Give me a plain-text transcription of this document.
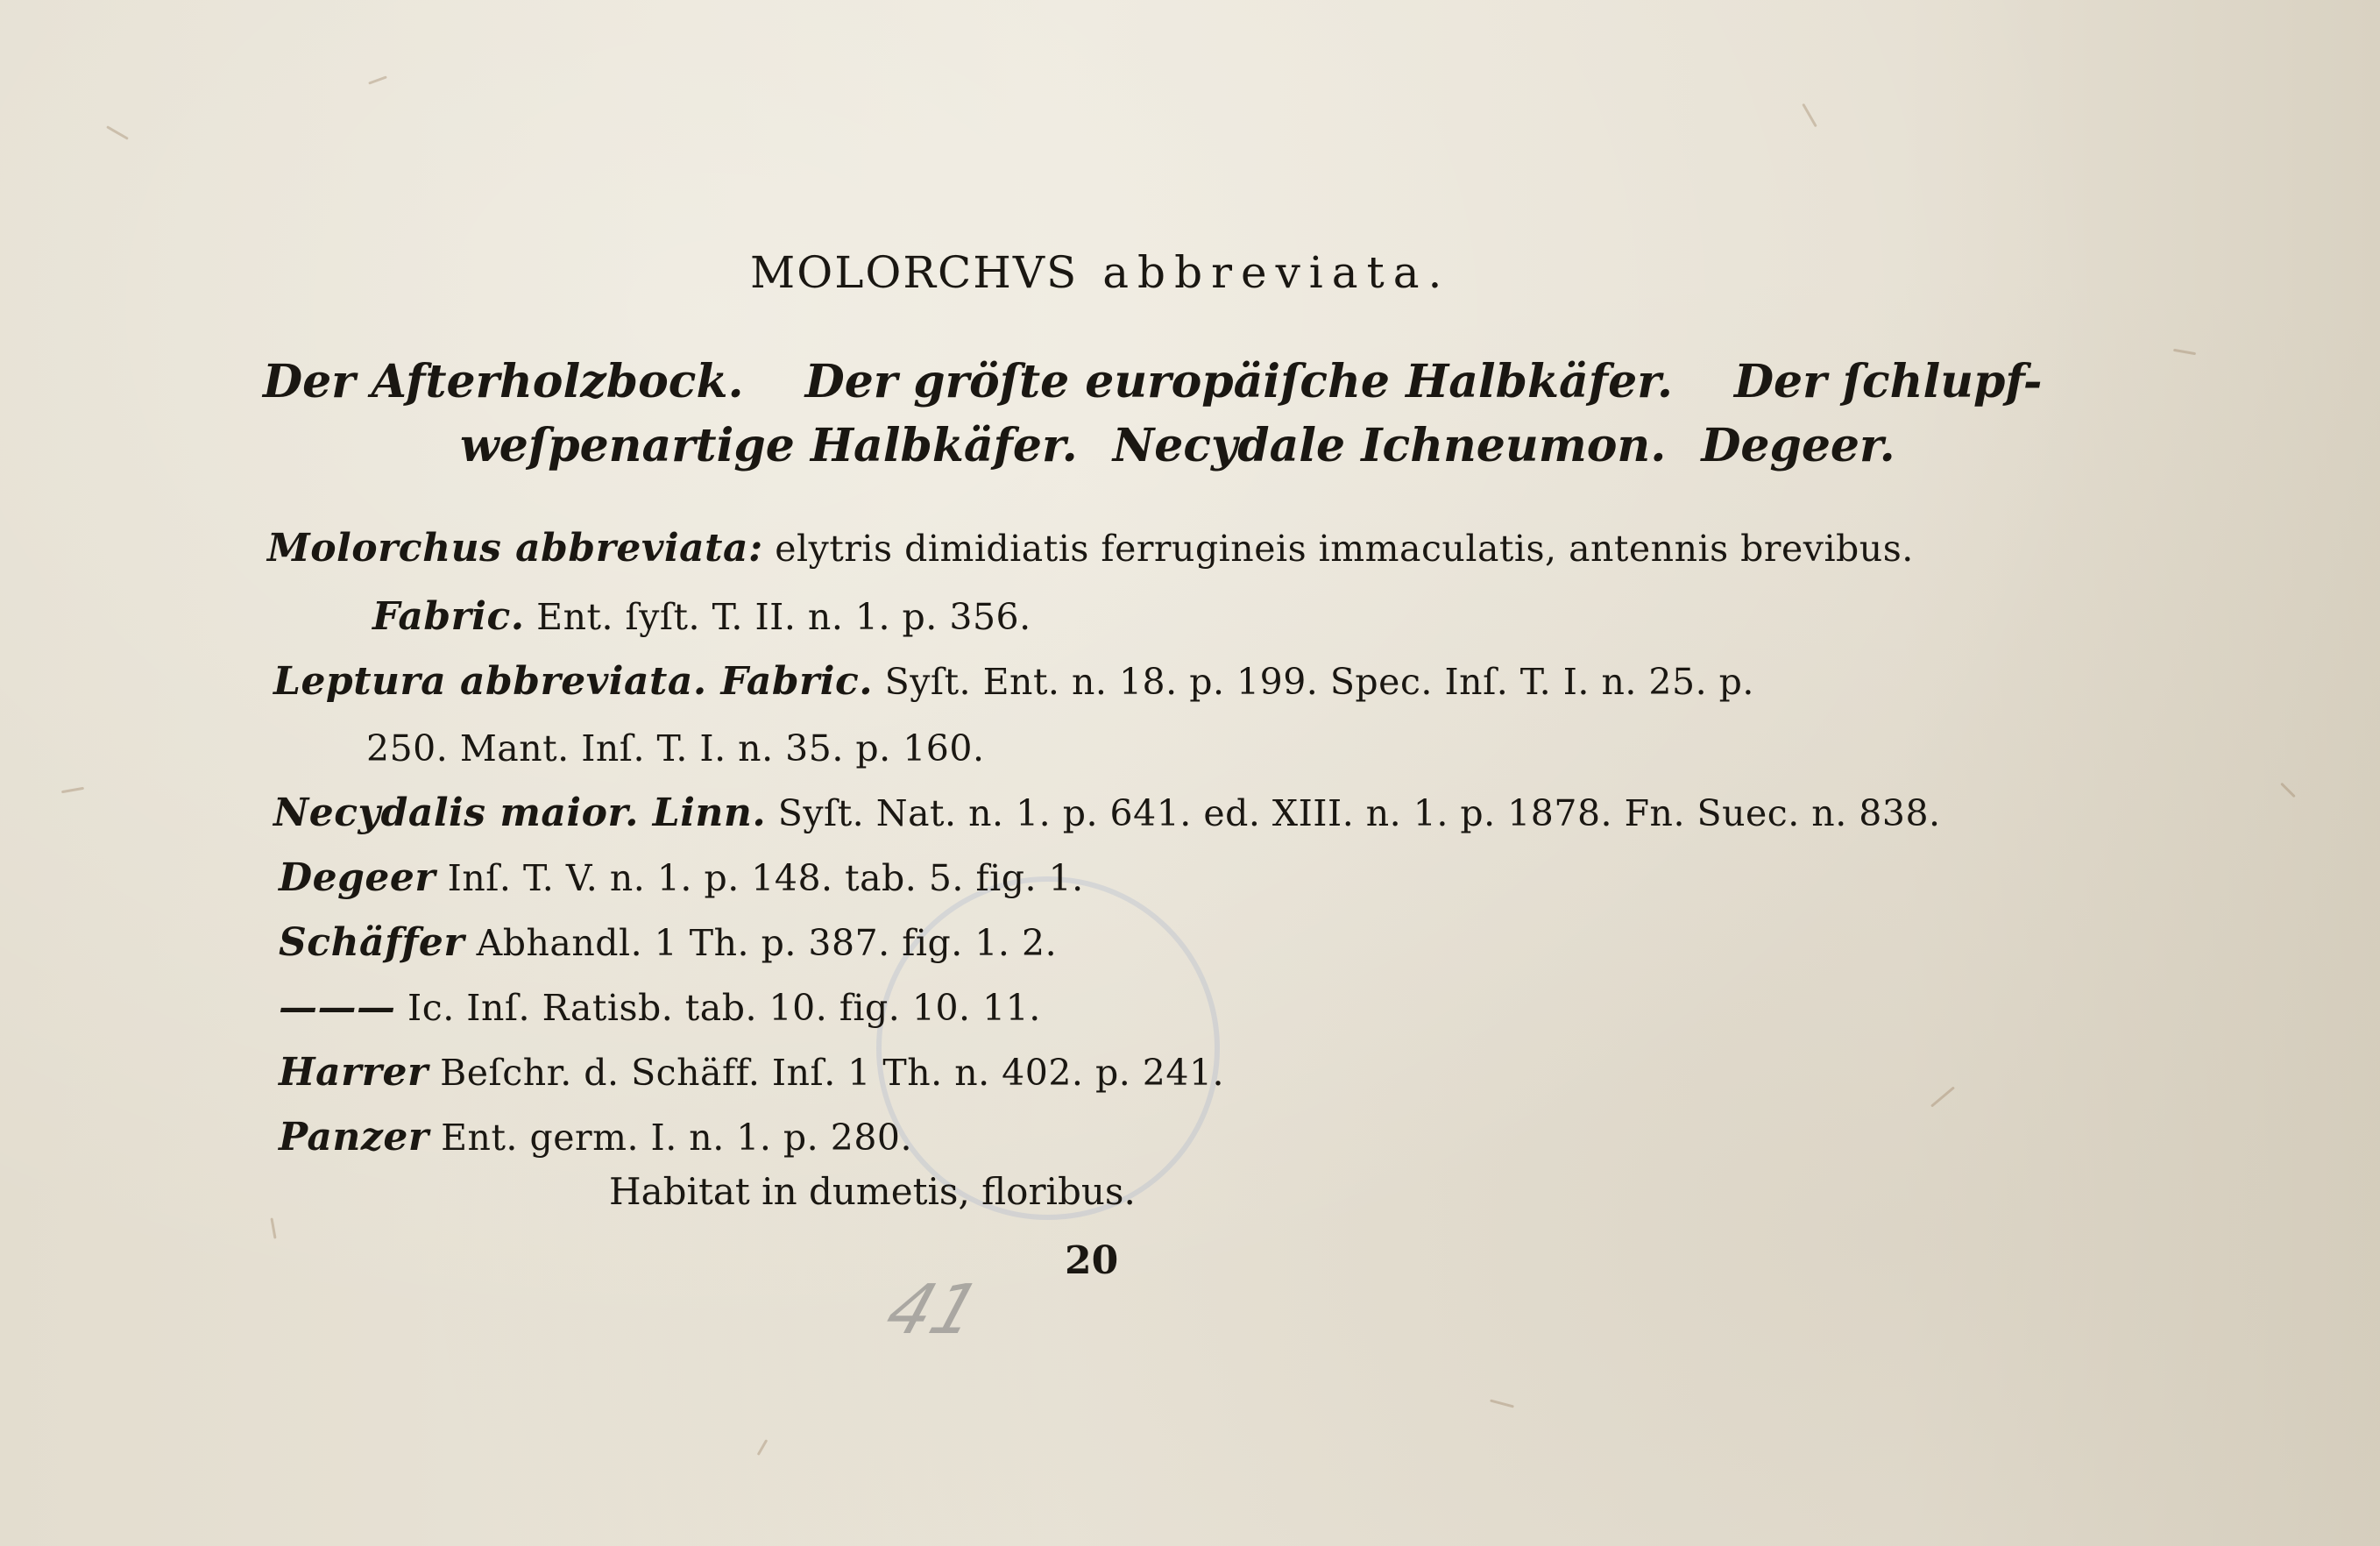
MOLORCHVS abbreviata.
Der Afterholzbock. Der gröſte europäiſche Halbkäfer. Der ſchlupf-
weſpenartige Halbkäfer. Necydale Ichneumon. Degeer.
Molorchus abbreviata: elytris dimidiatis ferrugineis immaculatis, antennis brevibus.
Fabric. Ent. ſyſt. T. II. n. 1. p. 356.
Leptura abbreviata. Fabric. Syſt. Ent. n. 18. p. 199. Spec. Inſ. T. I. n. 25. p.
250. Mant. Inſ. T. I. n. 35. p. 160.
Necydalis maior. Linn. Syſt. Nat. n. 1. p. 641. ed. XIII. n. 1. p. 1878. Fn. Suec. n. 838.
Degeer Inſ. T. V. n. 1. p. 148. tab. 5. fig. 1.
Schäffer Abhandl. 1 Th. p. 387. fig. 1. 2.
——— Ic. Inſ. Ratisb. tab. 10. fig. 10. 11.
Harrer Beſchr. d. Schäff. Inſ. 1 Th. n. 402. p. 241.
Panzer Ent. germ. I. n. 1. p. 280.
Habitat in dumetis, floribus.
20
41
